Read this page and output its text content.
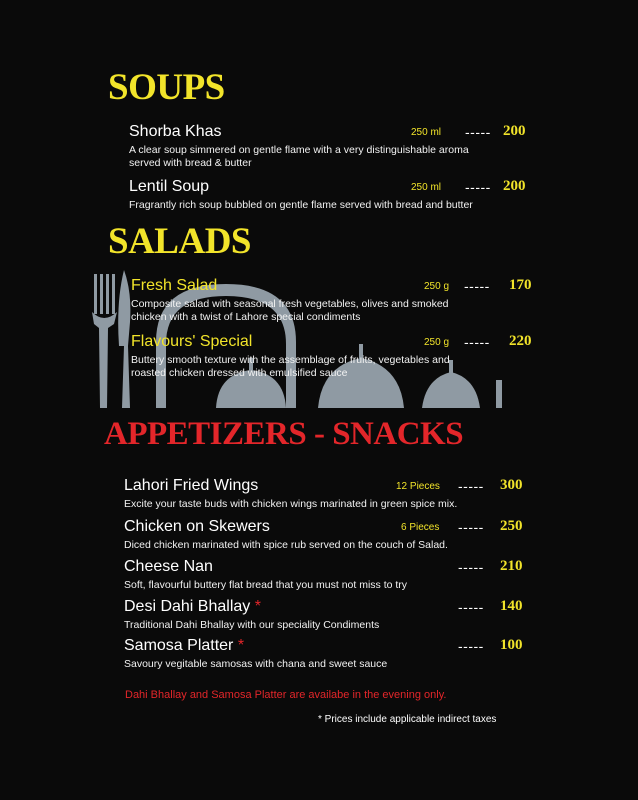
SOUPS
Shorba Khas	250 ml ----- 200
A clear soup simmered on gentle flame with a very distinguishable aroma
served with bread & butter
Lentil Soup	250 ml ----- 200
Fragrantly rich soup bubbled on gentle flame served with bread and butter
SALADS
Fresh Salad	250 g ----- 170
Composite salad with seasonal fresh vegetables, olives and smoked
chicken with a twist of Lahore special condiments
Flavours' Special	250 g ----- 220
Buttery smooth texture with the assemblage of fruits, vegetables and
roasted chicken dressed with emulsified sauce
APPETIZERS - SNACKS
Lahori Fried Wings	12 Pieces ----- 300
Excite your taste buds with chicken wings marinated in green spice mix.
Chicken on Skewers	6 Pieces ----- 250
Diced chicken marinated with spice rub served on the couch of Salad.
Cheese Nan	----- 210
Soft, flavourful buttery flat bread that you must not miss to try
Desi Dahi Bhallay *	----- 140
Traditional Dahi Bhallay with our speciality Condiments
Samosa Platter *	----- 100
Savoury vegitable samosas with chana and sweet sauce
Dahi Bhallay and Samosa Platter are availabe in the evening only.
* Prices include applicable indirect taxes
